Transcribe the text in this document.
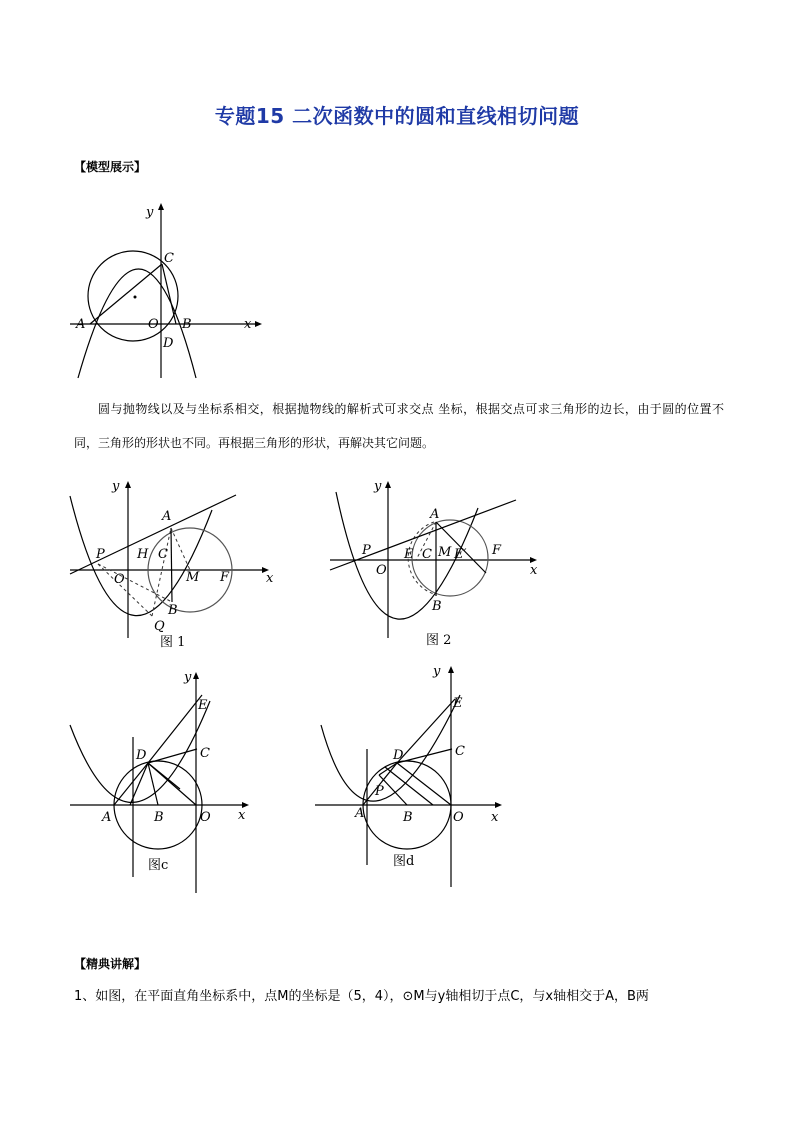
专题15 二次函数中的圆和直线相切问题
【模型展示】
y
C
A	O B	x
D
圆与抛物线以及与坐标系相交，根据抛物线的解析式可求交点 坐标，根据交点可求三角形的边长，由于圆的位置不同，三角形的形状也不同。再根据三角形的形状，再解决其它问题。
y
A
P H C
O	M F	x
B
Q
图 1
y
A
P	E C M E′ F
O	x
B
图 2
y
E
C
D
A	B	O x
图c
y
E
C
D
P
A	B	O x
图d
【精典讲解】
1、如图，在平面直角坐标系中，点M的坐标是（5，4），⊙M与y轴相切于点C，与x轴相交于A，B两
